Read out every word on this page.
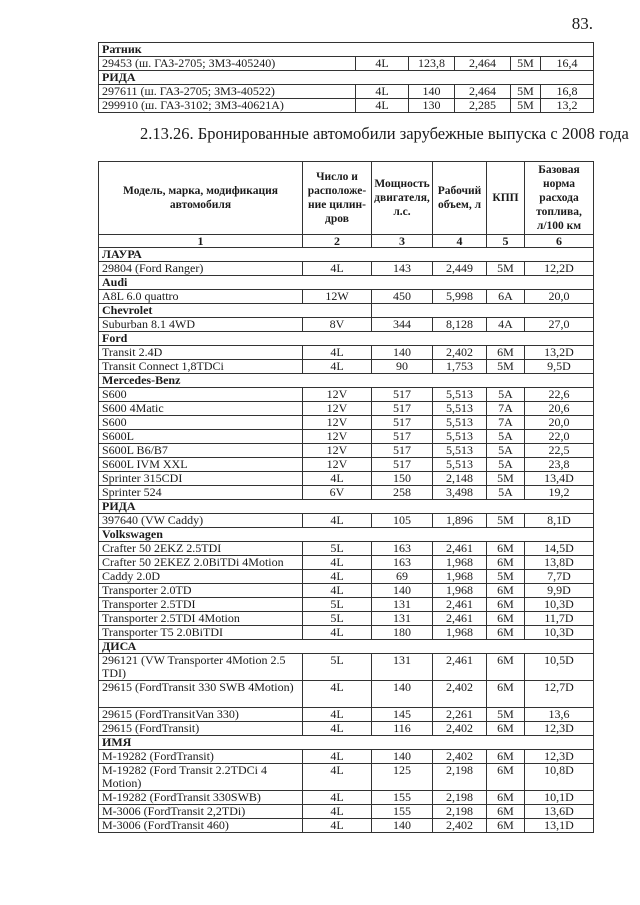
83.
Ратник					
29453 (ш. ГАЗ-2705; ЗМЗ-405240)	4L	123,8	2,464	5M	16,4
РИДА					
297611 (ш. ГАЗ-2705; ЗМЗ-40522)	4L	140	2,464	5M	16,8
299910 (ш. ГАЗ-3102; ЗМЗ-40621А)	4L	130	2,285	5M	13,2
2.13.26. Бронированные автомобили зарубежные выпуска с 2008 года
Модель, марка, модификация автомобиля	Число и расположе-ние цилин-дров	Мощность двигателя, л.с.	Рабочий объем, л	КПП	Базовая норма расхода топлива, л/100 км
1	2	3	4	5	6
ЛАУРА					
29804 (Ford Ranger)	4L	143	2,449	5M	12,2D
Audi					
A8L 6.0 quattro	12W	450	5,998	6A	20,0
Chevrolet					
Suburban 8.1 4WD	8V	344	8,128	4A	27,0
Ford					
Transit 2.4D	4L	140	2,402	6M	13,2D
Transit Connect 1,8TDCi	4L	90	1,753	5M	9,5D
Mercedes-Benz					
S600	12V	517	5,513	5A	22,6
S600 4Matic	12V	517	5,513	7A	20,6
S600	12V	517	5,513	7A	20,0
S600L	12V	517	5,513	5A	22,0
S600L B6/B7	12V	517	5,513	5A	22,5
S600L IVM XXL	12V	517	5,513	5A	23,8
Sprinter 315CDI	4L	150	2,148	5M	13,4D
Sprinter 524	6V	258	3,498	5A	19,2
РИДА					
397640 (VW Caddy)	4L	105	1,896	5M	8,1D
Volkswagen					
Crafter 50 2EKZ 2.5TDI	5L	163	2,461	6M	14,5D
Crafter 50 2EKEZ 2.0BiTDi 4Motion	4L	163	1,968	6M	13,8D
Caddy 2.0D	4L	69	1,968	5M	7,7D
Transporter 2.0TD	4L	140	1,968	6M	9,9D
Transporter 2.5TDI	5L	131	2,461	6M	10,3D
Transporter 2.5TDI 4Motion	5L	131	2,461	6M	11,7D
Transporter T5 2.0BiTDI	4L	180	1,968	6M	10,3D
ДИСА					
296121 (VW Transporter 4Motion 2.5 TDI)	5L	131	2,461	6M	10,5D
29615 (FordTransit 330 SWB 4Motion)	4L	140	2,402	6M	12,7D
29615 (FordTransitVan 330)	4L	145	2,261	5M	13,6
29615 (FordTransit)	4L	116	2,402	6M	12,3D
ИМЯ					
M-19282 (FordTransit)	4L	140	2,402	6M	12,3D
M-19282 (Ford Transit 2.2TDCi 4 Motion)	4L	125	2,198	6M	10,8D
M-19282 (FordTransit 330SWB)	4L	155	2,198	6M	10,1D
M-3006 (FordTransit 2,2TDi)	4L	155	2,198	6M	13,6D
M-3006 (FordTransit 460)	4L	140	2,402	6M	13,1D
